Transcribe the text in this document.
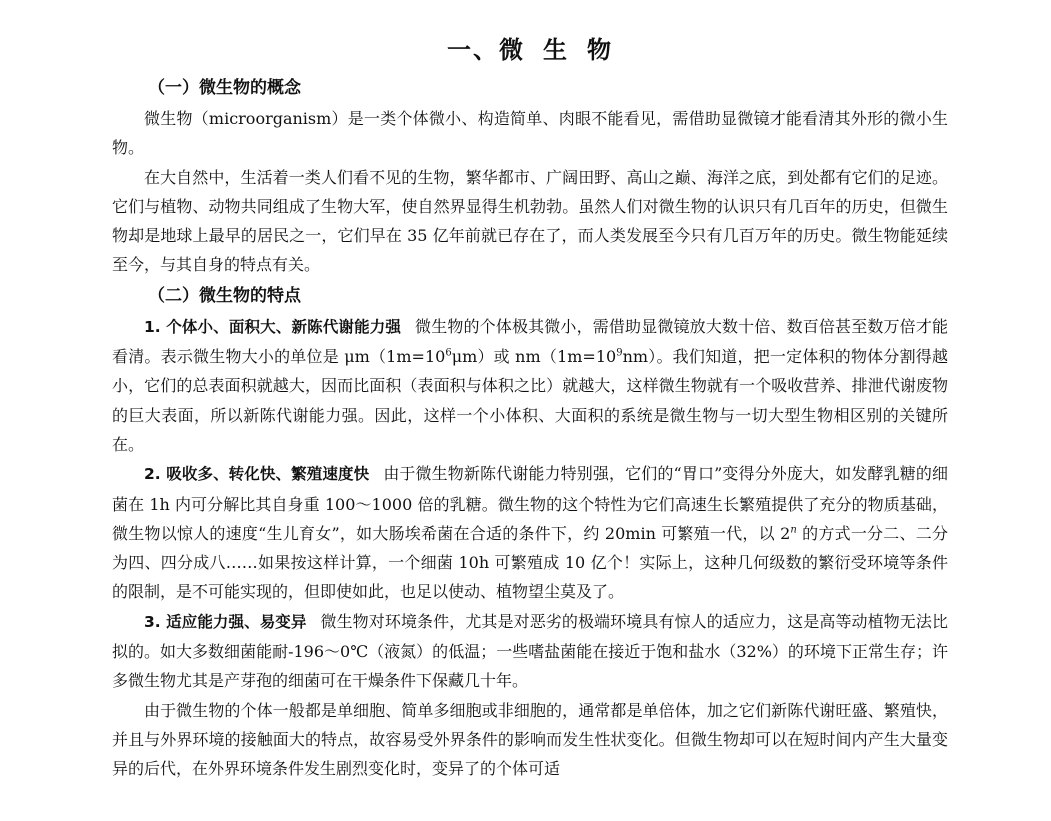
一、微 生 物
（一）微生物的概念

微生物（microorganism）是一类个体微小、构造简单、肉眼不能看见，需借助显微镜才能看清其外形的微小生物。

在大自然中，生活着一类人们看不见的生物，繁华都市、广阔田野、高山之巅、海洋之底，到处都有它们的足迹。它们与植物、动物共同组成了生物大军，使自然界显得生机勃勃。虽然人们对微生物的认识只有几百年的历史，但微生物却是地球上最早的居民之一，它们早在 35 亿年前就已存在了，而人类发展至今只有几百万年的历史。微生物能延续至今，与其自身的特点有关。

（二）微生物的特点

1. 个体小、面积大、新陈代谢能力强 微生物的个体极其微小，需借助显微镜放大数十倍、数百倍甚至数万倍才能看清。表示微生物大小的单位是 $\mu m(1m=10^6\mu m)$或 $nm(1m=10^9nm)$。我们知道，把一定体积的物体分割得越小，它们的总表面积就越大，因而比面积（表面积与体积之比）就越大，这样微生物就有一个吸收营养、排泄代谢废物的巨大表面，所以新陈代谢能力强。因此，这样一个小体积、大面积的系统是微生物与一切大型生物相区别的关键所在。

2. 吸收多、转化快、繁殖速度快 由于微生物新陈代谢能力特别强，它们的“胃口”变得分外庞大，如发酵乳糖的细菌在 1h 内可分解比其自身重 100～1000 倍的乳糖。微生物的这个特性为它们高速生长繁殖提供了充分的物质基础，微生物以惊人的速度“生儿育女”，如大肠埃希菌在合适的条件下，约 20min 可繁殖一代，以 2$^n$ 的方式一分二、二分为四、四分成八……如果按这样计算，一个细菌 10h 可繁殖成 10 亿个！实际上，这种几何级数的繁衍受环境等条件的限制，是不可能实现的，但即使如此，也足以使动、植物望尘莫及了。

3. 适应能力强、易变异 微生物对环境条件，尤其是对恶劣的极端环境具有惊人的适应力，这是高等动植物无法比拟的。如大多数细菌能耐-196～0℃（液氮）的低温；一些嗜盐菌能在接近于饱和盐水（32%）的环境下正常生存；许多微生物尤其是产芽孢的细菌可在干燥条件下保藏几十年。

由于微生物的个体一般都是单细胞、简单多细胞或非细胞的，通常都是单倍体，加之它们新陈代谢旺盛、繁殖快，并且与外界环境的接触面大的特点，故容易受外界条件的影响而发生性状变化。但微生物却可以在短时间内产生大量变异的后代，在外界环境条件发生剧烈变化时，变异了的个体可适
